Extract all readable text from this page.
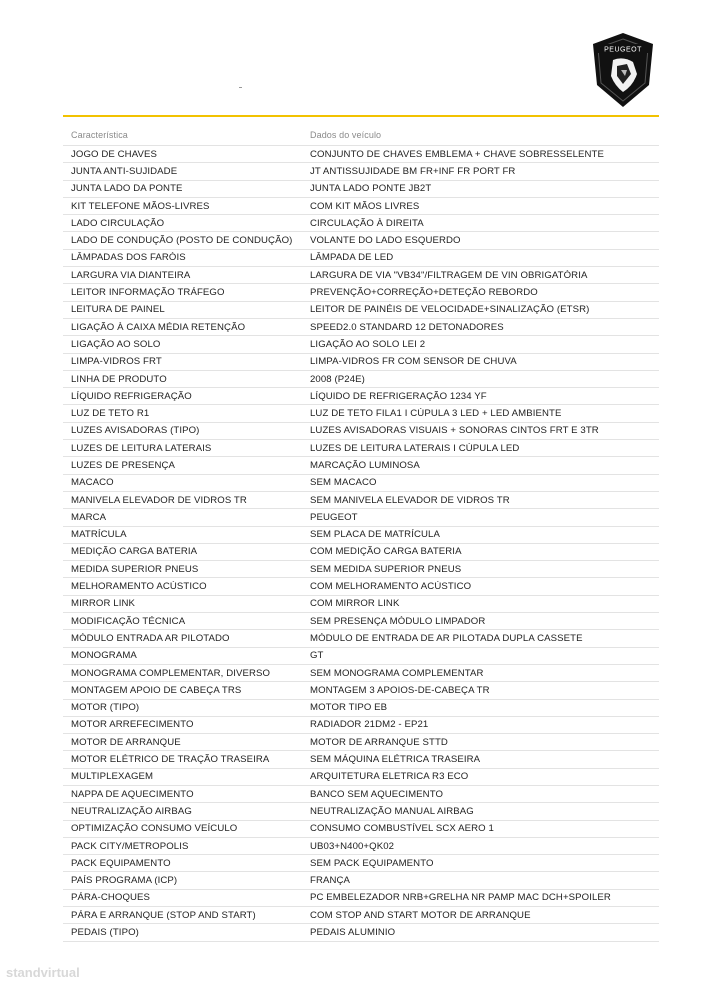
PEUGEOT
Característica	Dados do veículo
JOGO DE CHAVES	CONJUNTO DE CHAVES EMBLEMA + CHAVE SOBRESSELENTE
JUNTA ANTI-SUJIDADE	JT ANTISSUJIDADE BM FR+INF FR PORT FR
JUNTA LADO DA PONTE	JUNTA LADO PONTE JB2T
KIT TELEFONE MÃOS-LIVRES	COM KIT MÃOS LIVRES
LADO CIRCULAÇÃO	CIRCULAÇÃO À DIREITA
LADO DE CONDUÇÃO (POSTO DE CONDUÇÃO)	VOLANTE DO LADO ESQUERDO
LÂMPADAS DOS FARÓIS	LÂMPADA DE LED
LARGURA VIA DIANTEIRA	LARGURA DE VIA "VB34"/FILTRAGEM DE VIN OBRIGATÓRIA
LEITOR INFORMAÇÃO TRÁFEGO	PREVENÇÃO+CORREÇÃO+DETEÇÃO REBORDO
LEITURA DE PAINEL	LEITOR DE PAINÉIS DE VELOCIDADE+SINALIZAÇÃO (ETSR)
LIGAÇÃO À CAIXA MÉDIA RETENÇÃO	SPEED2.0 STANDARD 12 DETONADORES
LIGAÇÃO AO SOLO	LIGAÇÃO AO SOLO LEI 2
LIMPA-VIDROS FRT	LIMPA-VIDROS FR COM SENSOR DE CHUVA
LINHA DE PRODUTO	2008 (P24E)
LÍQUIDO REFRIGERAÇÃO	LÍQUIDO DE REFRIGERAÇÃO 1234 YF
LUZ DE TETO R1	LUZ DE TETO FILA1 I CÚPULA 3 LED + LED AMBIENTE
LUZES AVISADORAS (TIPO)	LUZES AVISADORAS VISUAIS + SONORAS CINTOS FRT E 3TR
LUZES DE LEITURA LATERAIS	LUZES DE LEITURA LATERAIS I CÚPULA LED
LUZES DE PRESENÇA	MARCAÇÃO LUMINOSA
MACACO	SEM MACACO
MANIVELA ELEVADOR DE VIDROS TR	SEM MANIVELA ELEVADOR DE VIDROS TR
MARCA	PEUGEOT
MATRÍCULA	SEM PLACA DE MATRÍCULA
MEDIÇÃO CARGA BATERIA	COM MEDIÇÃO CARGA BATERIA
MEDIDA SUPERIOR PNEUS	SEM MEDIDA SUPERIOR PNEUS
MELHORAMENTO ACÚSTICO	COM MELHORAMENTO ACÚSTICO
MIRROR LINK	COM MIRROR LINK
MODIFICAÇÃO TÉCNICA	SEM PRESENÇA MÓDULO LIMPADOR
MÓDULO ENTRADA AR PILOTADO	MÓDULO DE ENTRADA DE AR PILOTADA DUPLA CASSETE
MONOGRAMA	GT
MONOGRAMA COMPLEMENTAR, DIVERSO	SEM MONOGRAMA COMPLEMENTAR
MONTAGEM APOIO DE CABEÇA TRS	MONTAGEM 3 APOIOS-DE-CABEÇA TR
MOTOR (TIPO)	MOTOR TIPO EB
MOTOR ARREFECIMENTO	RADIADOR 21DM2 - EP21
MOTOR DE ARRANQUE	MOTOR DE ARRANQUE STTD
MOTOR ELÉTRICO DE TRAÇÃO TRASEIRA	SEM MÁQUINA ELÉTRICA TRASEIRA
MULTIPLEXAGEM	ARQUITETURA ELETRICA R3 ECO
NAPPA DE AQUECIMENTO	BANCO SEM AQUECIMENTO
NEUTRALIZAÇÃO AIRBAG	NEUTRALIZAÇÃO MANUAL AIRBAG
OPTIMIZAÇÃO CONSUMO VEÍCULO	CONSUMO COMBUSTÍVEL SCX AERO 1
PACK CITY/METROPOLIS	UB03+N400+QK02
PACK EQUIPAMENTO	SEM PACK EQUIPAMENTO
PAÍS PROGRAMA (ICP)	FRANÇA
PÁRA-CHOQUES	PC EMBELEZADOR NRB+GRELHA NR PAMP MAC DCH+SPOILER
PÁRA E ARRANQUE (STOP AND START)	COM STOP AND START MOTOR DE ARRANQUE
PEDAIS (TIPO)	PEDAIS ALUMINIO
standvirtual
